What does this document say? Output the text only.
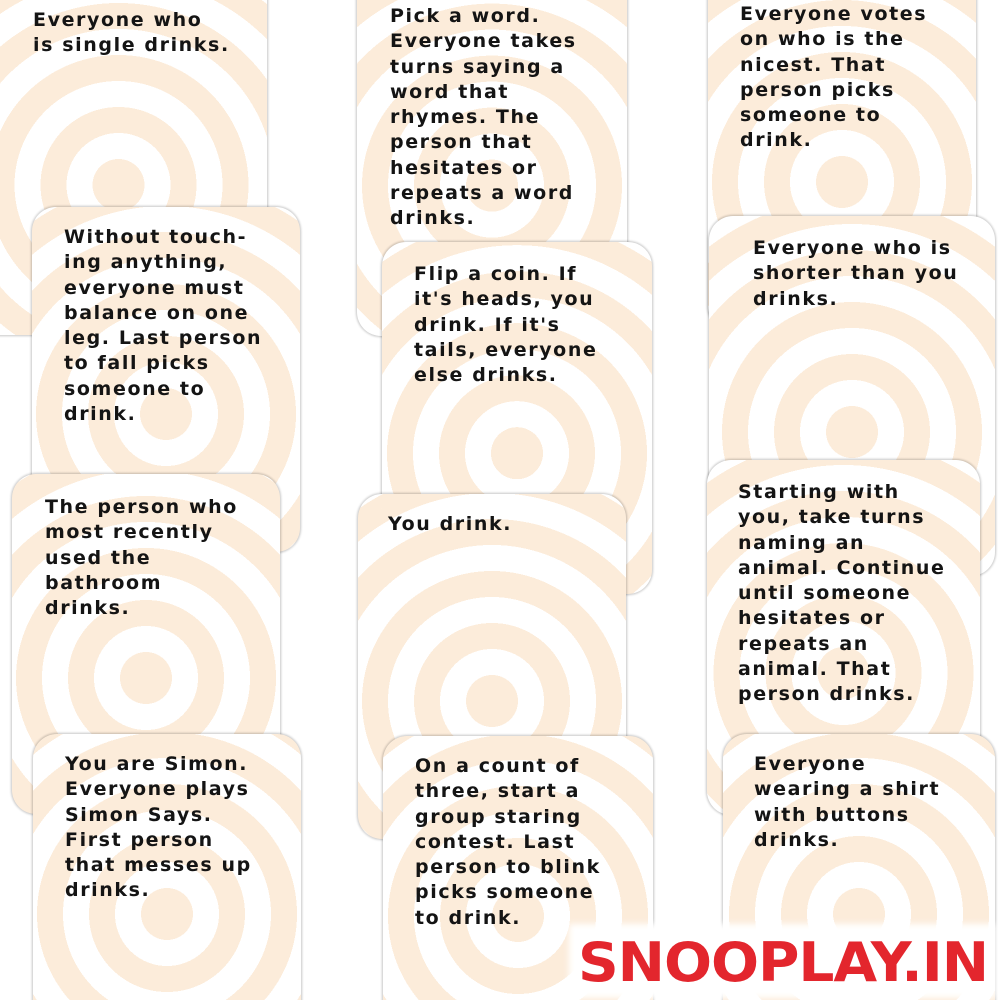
Everyone who
is single drinks.

Pick a word.
Everyone takes
turns saying a
word that
rhymes. The
person that
hesitates or
repeats a word
drinks.

Everyone votes
on who is the
nicest. That
person picks
someone to
drink.

Without touch-
ing anything,
everyone must
balance on one
leg. Last person
to fall picks
someone to
drink.

Flip a coin. If
it's heads, you
drink. If it's
tails, everyone
else drinks.

Everyone who is
shorter than you
drinks.

The person who
most recently
used the
bathroom
drinks.

You drink.

Starting with
you, take turns
naming an
animal. Continue
until someone
hesitates or
repeats an
animal. That
person drinks.

You are Simon.
Everyone plays
Simon Says.
First person
that messes up
drinks.

On a count of
three, start a
group staring
contest. Last
person to blink
picks someone
to drink.

Everyone
wearing a shirt
with buttons
drinks.

SNOOPLAY.IN
